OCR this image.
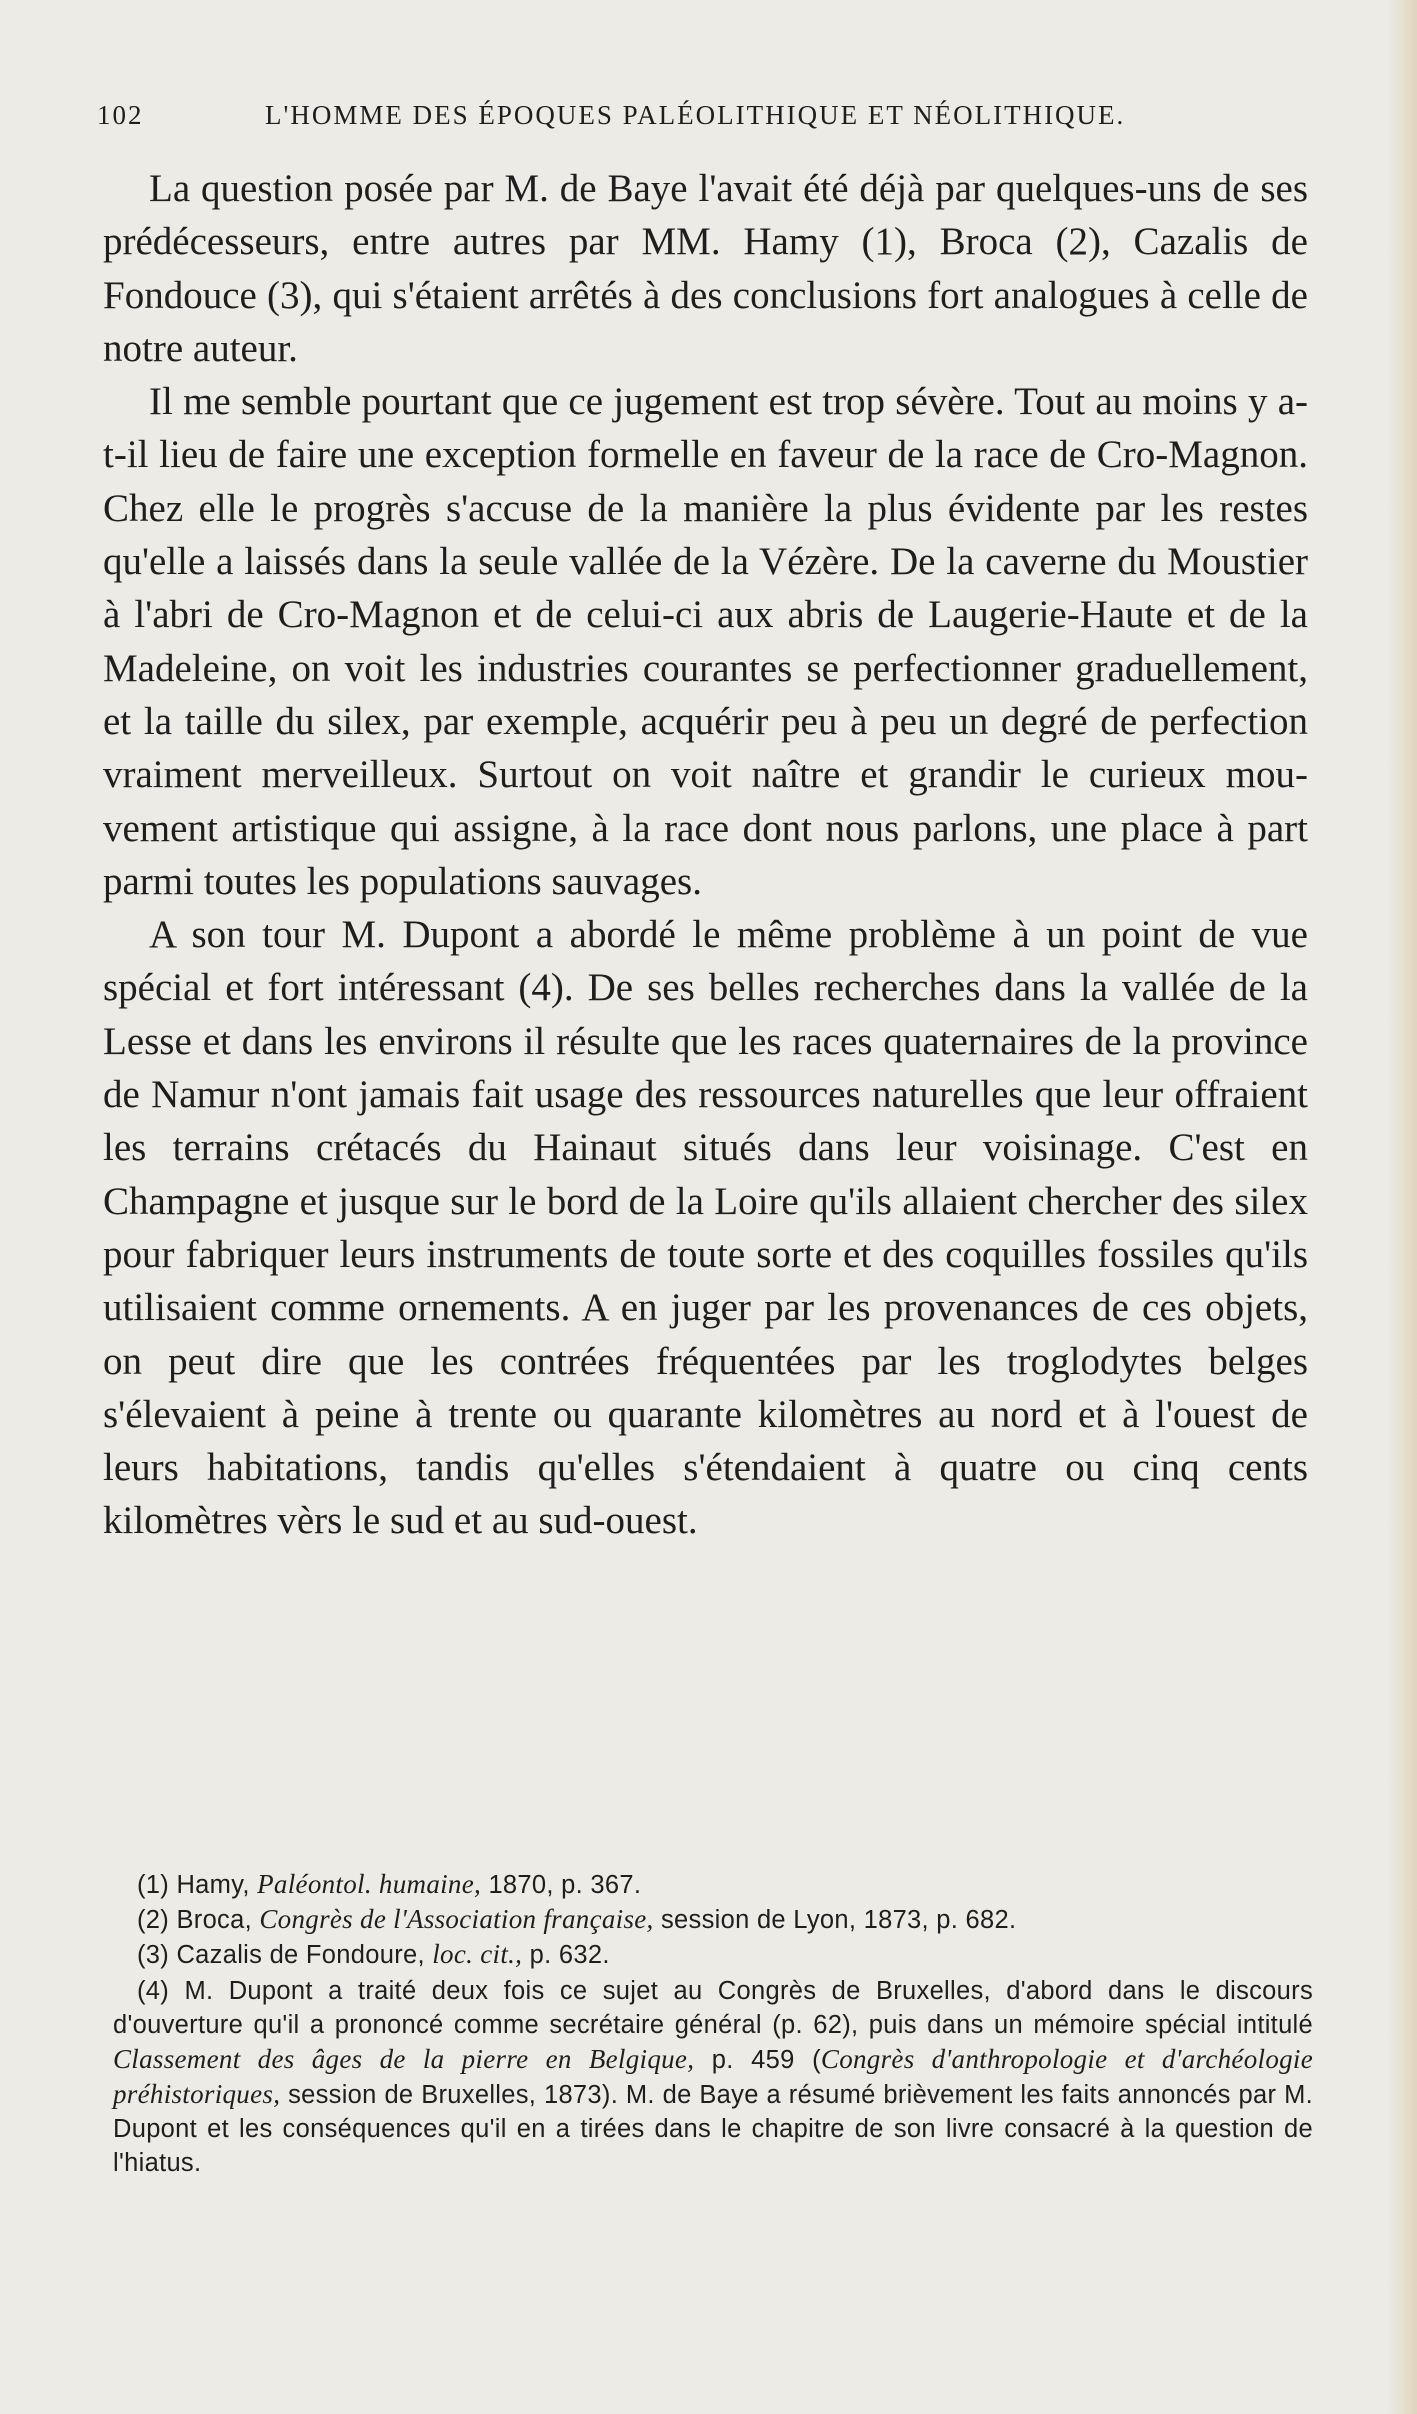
102	L'HOMME DES ÉPOQUES PALÉOLITHIQUE ET NÉOLITHIQUE.

La question posée par M. de Baye l'avait été déjà par quelques-uns de ses prédécesseurs, entre autres par MM. Hamy (1), Broca (2), Cazalis de Fondouce (3), qui s'étaient arrêtés à des conclusions fort analogues à celle de notre auteur.

Il me semble pourtant que ce jugement est trop sévère. Tout au moins y a-t-il lieu de faire une exception formelle en faveur de la race de Cro-Magnon. Chez elle le progrès s'accuse de la manière la plus évidente par les restes qu'elle a laissés dans la seule vallée de la Vézère. De la caverne du Moustier à l'abri de Cro-Magnon et de celui-ci aux abris de Laugerie-Haute et de la Madeleine, on voit les industries courantes se perfectionner graduellement, et la taille du silex, par exemple, acquérir peu à peu un degré de perfection vraiment merveilleux. Surtout on voit naître et grandir le curieux mouvement artistique qui assigne, à la race dont nous parlons, une place à part parmi toutes les populations sauvages.

A son tour M. Dupont a abordé le même problème à un point de vue spécial et fort intéressant (4). De ses belles recherches dans la vallée de la Lesse et dans les environs il résulte que les races quaternaires de la province de Namur n'ont jamais fait usage des ressources naturelles que leur offraient les terrains crétacés du Hainaut situés dans leur voisinage. C'est en Champagne et jusque sur le bord de la Loire qu'ils allaient chercher des silex pour fabriquer leurs instruments de toute sorte et des coquilles fossiles qu'ils utilisaient comme ornements. A en juger par les provenances de ces objets, on peut dire que les contrées fréquentées par les troglodytes belges s'élevaient à peine à trente ou quarante kilomètres au nord et à l'ouest de leurs habitations, tandis qu'elles s'étendaient à quatre ou cinq cents kilomètres vèrs le sud et au sud-ouest.

(1) Hamy, Paléontol. humaine, 1870, p. 367.

(2) Broca, Congrès de l'Association française, session de Lyon, 1873, p. 682.

(3) Cazalis de Fondoure, loc. cit., p. 632.

(4) M. Dupont a traité deux fois ce sujet au Congrès de Bruxelles, d'abord dans le discours d'ouverture qu'il a prononcé comme secrétaire général (p. 62), puis dans un mémoire spécial intitulé Classement des âges de la pierre en Belgique, p. 459 (Congrès d'anthropologie et d'archéologie préhistoriques, session de Bruxelles, 1873). M. de Baye a résumé brièvement les faits annoncés par M. Dupont et les conséquences qu'il en a tirées dans le chapitre de son livre consacré à la question de l'hiatus.
